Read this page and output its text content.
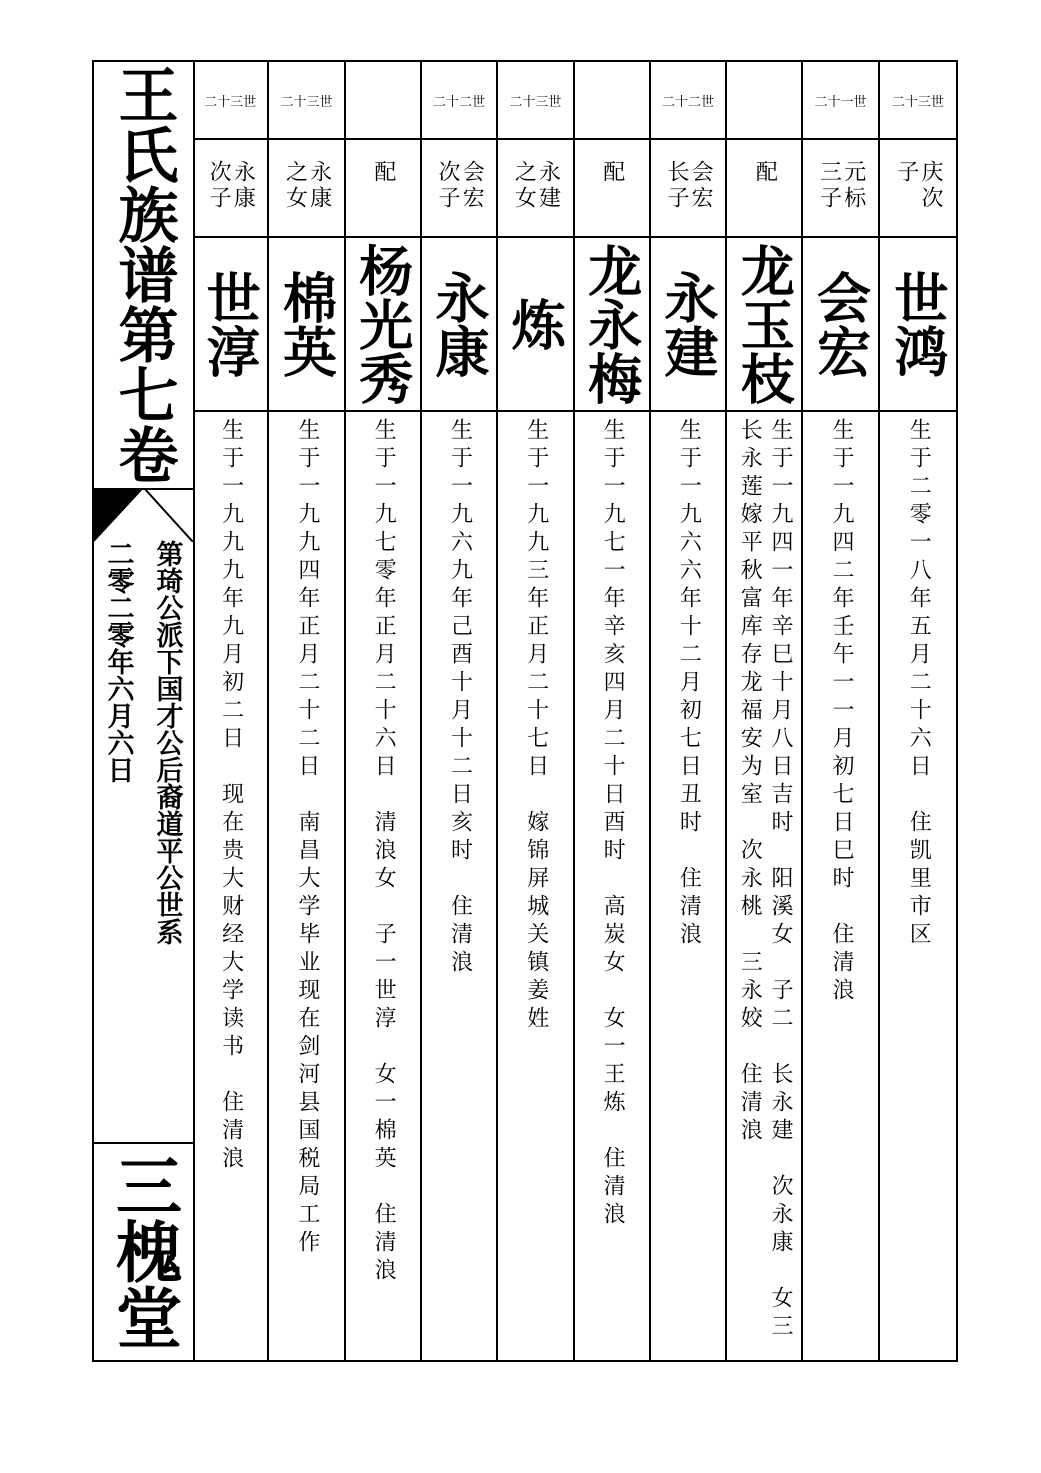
王氏族谱第七卷
第琦公派下国才公后裔道平公世系
二零二零年六月六日
三槐堂
二十三世
庆次子
世鸿
生于二零一八年五月二十六日　住凯里市区
二十一世
元标三子
会宏
生于一九四二年壬午一一月初七日巳时　住清浪
配
龙玉枝
生于一九四一年辛巳十月八日吉时　阳溪女　子二　长永建　次永康　女三　长永莲嫁平秋富库存龙福安为室　次永桃　三永姣　住清浪
二十二世
会宏长子
永建
生于一九六六年十二月初七日丑时　住清浪
配
龙永梅
生于一九七一年辛亥四月二十日酉时　高炭女　女一王炼　住清浪
二十三世
永建之女
炼
生于一九九三年正月二十七日　嫁锦屏城关镇姜姓
二十二世
会宏次子
永康
生于一九六九年己酉十月十二日亥时　住清浪
配
杨光秀
生于一九七零年正月二十六日　清浪女　子一世淳　女一棉英　住清浪
二十三世
永康之女
棉英
生于一九九四年正月二十二日　南昌大学毕业现在剑河县国税局工作
二十三世
永康次子
世淳
生于一九九九年九月初二日　现在贵大财经大学读书　住清浪
